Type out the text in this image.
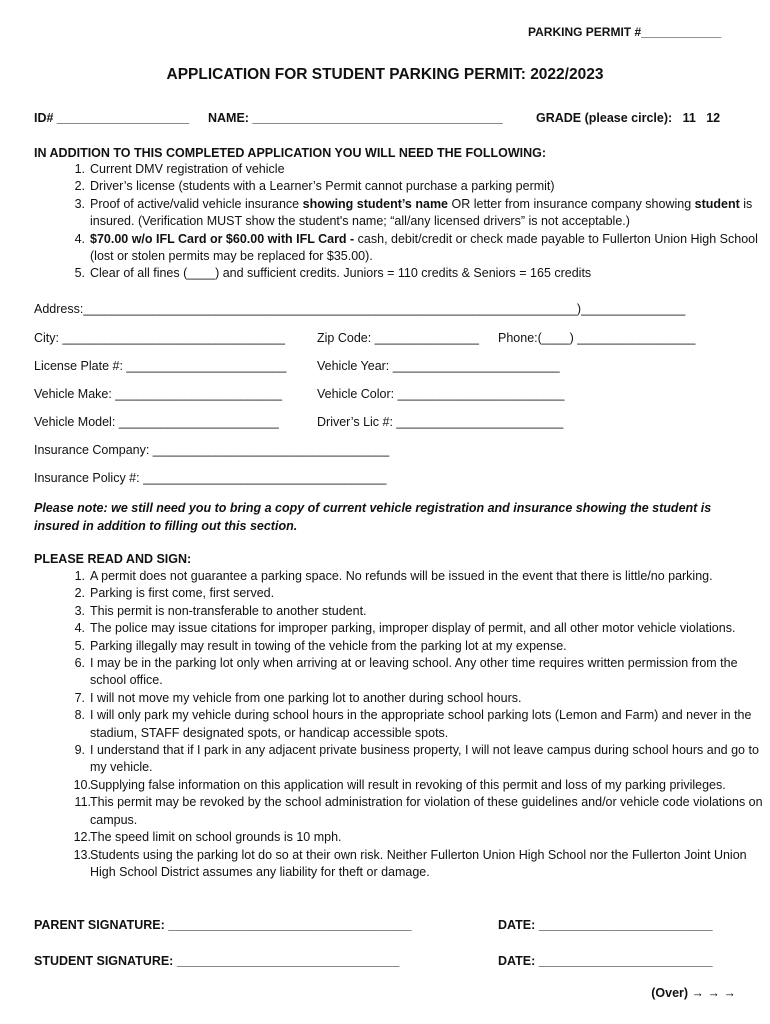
PARKING PERMIT #____________
APPLICATION FOR STUDENT PARKING PERMIT: 2022/2023
ID# ___________________ NAME: ____________________________________	GRADE (please circle):   11   12
IN ADDITION TO THIS COMPLETED APPLICATION YOU WILL NEED THE FOLLOWING:
1. Current DMV registration of vehicle
2. Driver’s license (students with a Learner’s Permit cannot purchase a parking permit)
3. Proof of active/valid vehicle insurance showing student’s name OR letter from insurance company showing student is insured. (Verification MUST show the student's name; “all/any licensed drivers” is not acceptable.)
4. $70.00 w/o IFL Card or $60.00 with IFL Card - cash, debit/credit or check made payable to Fullerton Union High School (lost or stolen permits may be replaced for $35.00).
5. Clear of all fines (____) and sufficient credits. Juniors = 110 credits & Seniors = 165 credits
Address:_______________________________________________________________________)_______________
City: ________________________________	Zip Code: _______________ Phone:(____) _________________
License Plate #: _______________________ Vehicle Year: ________________________
Vehicle Make: ________________________	Vehicle Color: ________________________
Vehicle Model: _______________________	Driver’s Lic #: ________________________
Insurance Company: __________________________________
Insurance Policy #: ___________________________________
Please note: we still need you to bring a copy of current vehicle registration and insurance showing the student is insured in addition to filling out this section.
PLEASE READ AND SIGN:
1. A permit does not guarantee a parking space. No refunds will be issued in the event that there is little/no parking.
2. Parking is first come, first served.
3. This permit is non-transferable to another student.
4. The police may issue citations for improper parking, improper display of permit, and all other motor vehicle violations.
5. Parking illegally may result in towing of the vehicle from the parking lot at my expense.
6. I may be in the parking lot only when arriving at or leaving school. Any other time requires written permission from the school office.
7. I will not move my vehicle from one parking lot to another during school hours.
8. I will only park my vehicle during school hours in the appropriate school parking lots (Lemon and Farm) and never in the stadium, STAFF designated spots, or handicap accessible spots.
9. I understand that if I park in any adjacent private business property, I will not leave campus during school hours and go to my vehicle.
10. Supplying false information on this application will result in revoking of this permit and loss of my parking privileges.
11. This permit may be revoked by the school administration for violation of these guidelines and/or vehicle code violations on campus.
12. The speed limit on school grounds is 10 mph.
13. Students using the parking lot do so at their own risk. Neither Fullerton Union High School nor the Fullerton Joint Union High School District assumes any liability for theft or damage.
PARENT SIGNATURE: ___________________________________	DATE: _________________________
STUDENT SIGNATURE: ________________________________	DATE: _________________________
(Over) → → →
